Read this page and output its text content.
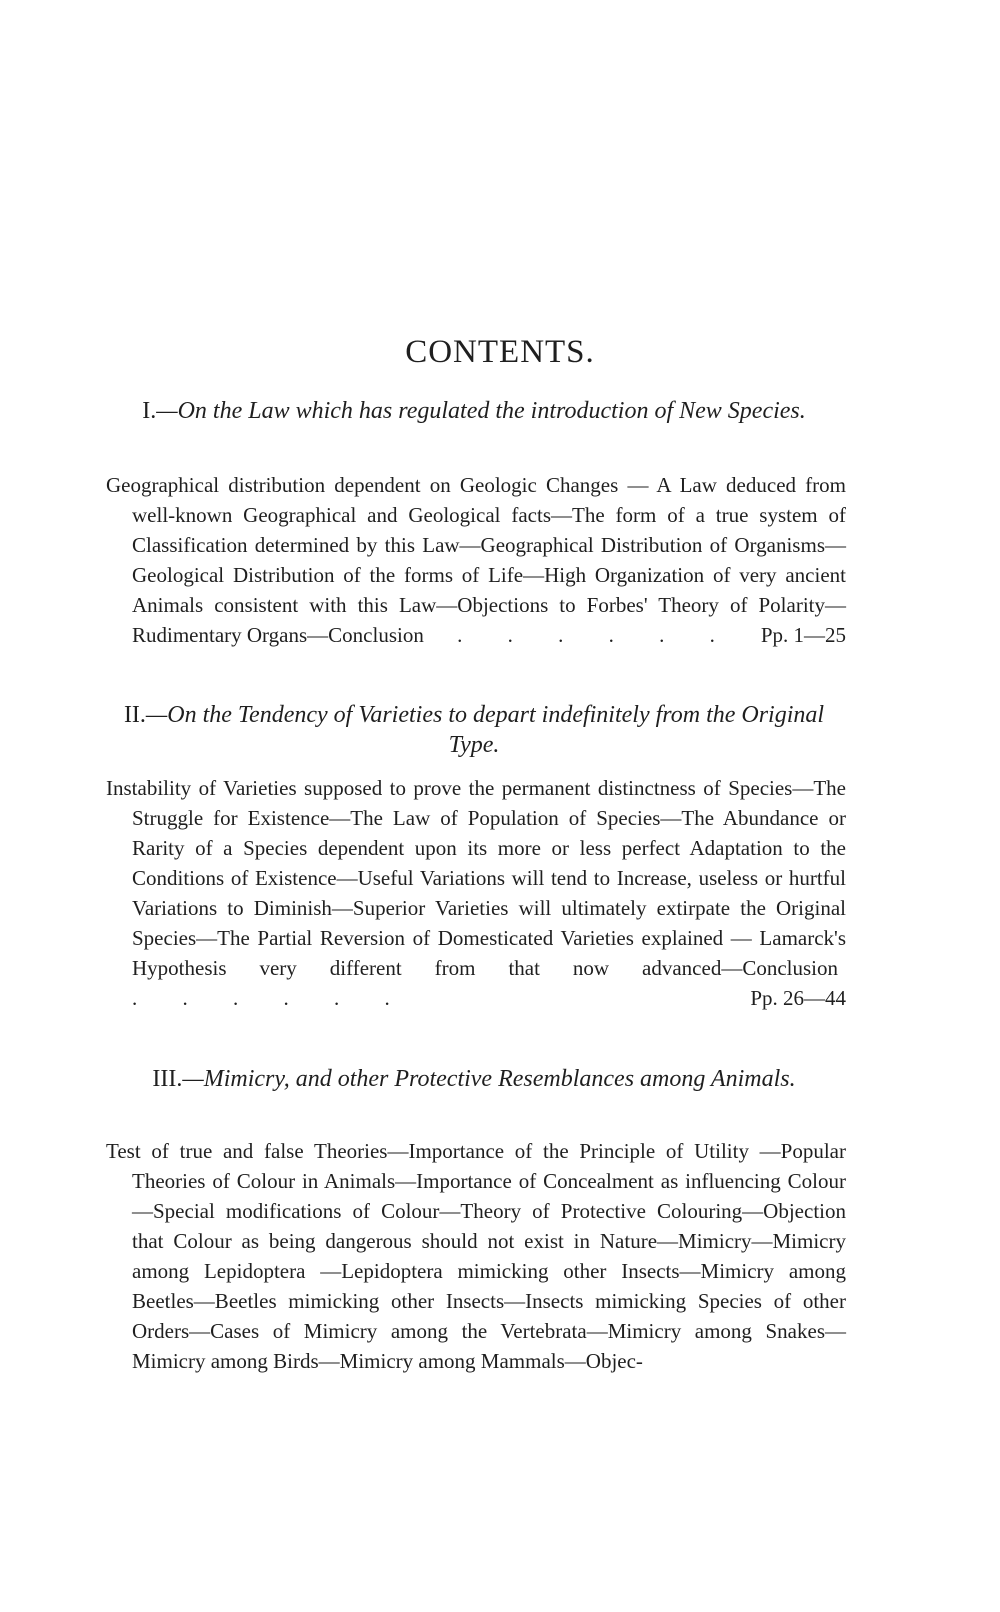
CONTENTS.
I.—On the Law which has regulated the introduction of New Species.
Geographical distribution dependent on Geologic Changes — A Law deduced from well-known Geographical and Geological facts—The form of a true system of Classification determined by this Law—Geographical Distribution of Organisms—Geological Distribution of the forms of Life—High Organization of very ancient Animals consistent with this Law—Objections to Forbes' Theory of Polarity—Rudimentary Organs—Conclusion . . . . . . Pp. 1—25
II.—On the Tendency of Varieties to depart indefinitely from the Original Type.
Instability of Varieties supposed to prove the permanent distinctness of Species—The Struggle for Existence—The Law of Population of Species—The Abundance or Rarity of a Species dependent upon its more or less perfect Adaptation to the Conditions of Existence—Useful Variations will tend to Increase, useless or hurtful Variations to Diminish—Superior Varieties will ultimately extirpate the Original Species—The Partial Reversion of Domesticated Varieties explained — Lamarck's Hypothesis very different from that now advanced—Conclusion . . . . . .	Pp. 26—44
III.—Mimicry, and other Protective Resemblances among Animals.
Test of true and false Theories—Importance of the Principle of Utility —Popular Theories of Colour in Animals—Importance of Concealment as influencing Colour—Special modifications of Colour—Theory of Protective Colouring—Objection that Colour as being dangerous should not exist in Nature—Mimicry—Mimicry among Lepidoptera —Lepidoptera mimicking other Insects—Mimicry among Beetles—Beetles mimicking other Insects—Insects mimicking Species of other Orders—Cases of Mimicry among the Vertebrata—Mimicry among Snakes—Mimicry among Birds—Mimicry among Mammals—Objec-
